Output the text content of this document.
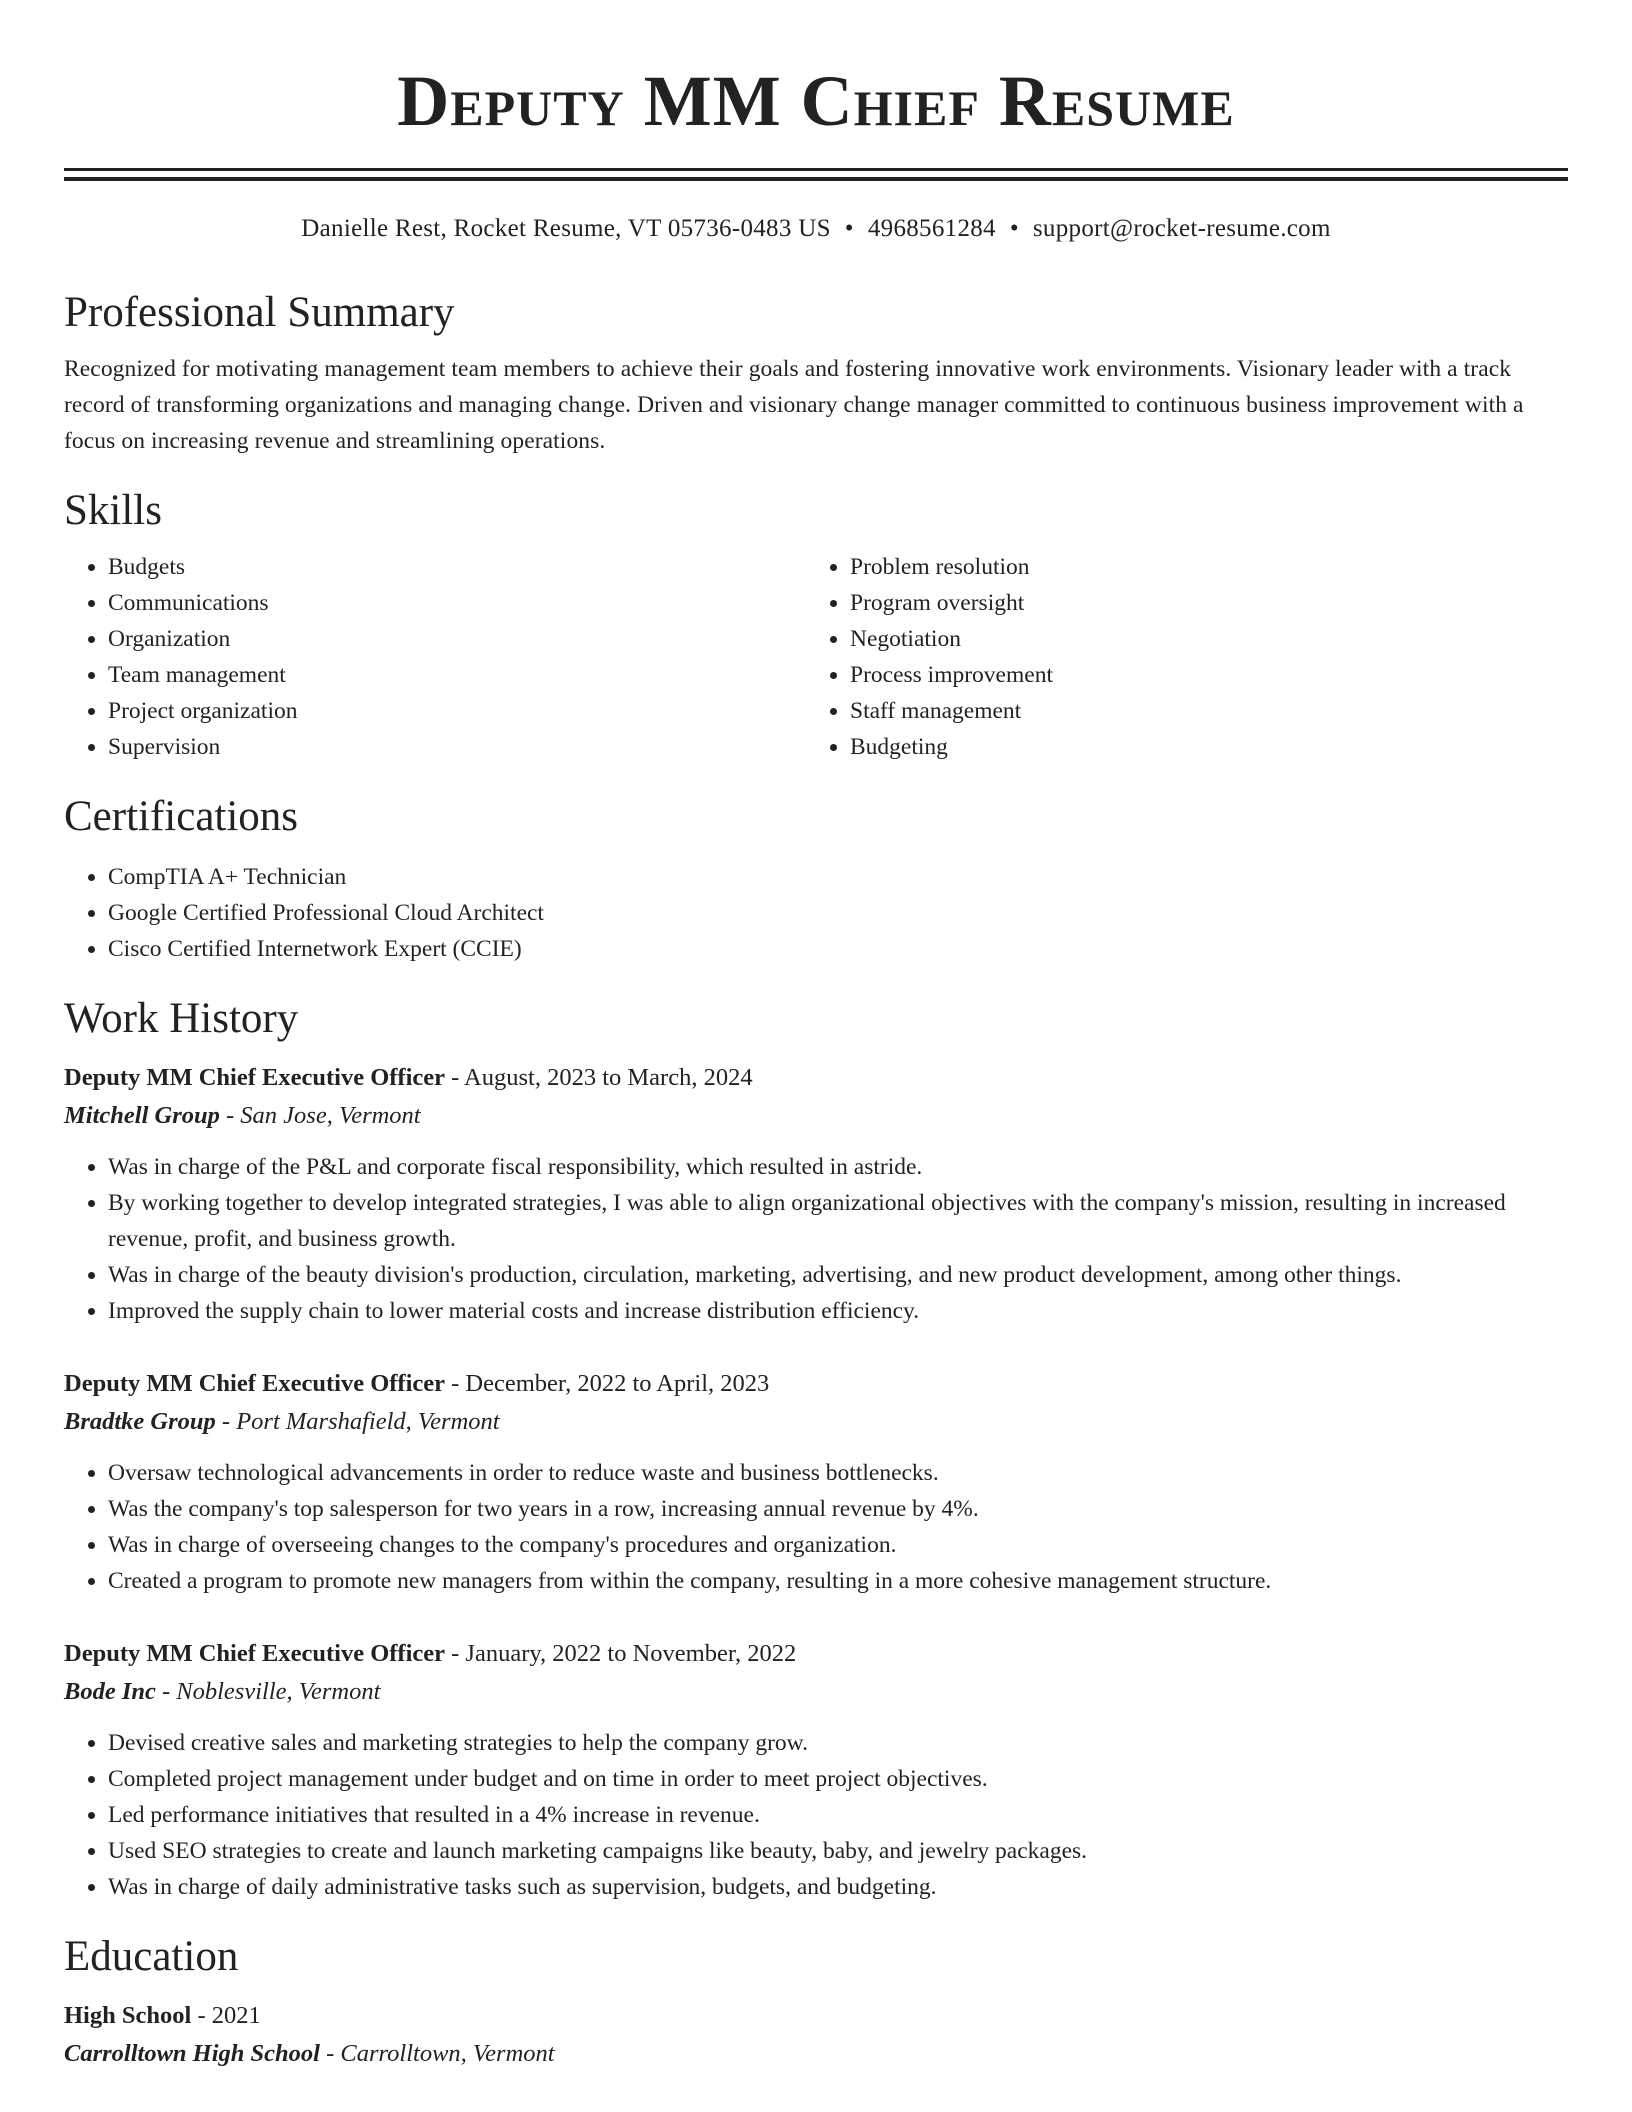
Deputy MM Chief Resume
Danielle Rest, Rocket Resume, VT 05736-0483 US • 4968561284 • support@rocket-resume.com
Professional Summary

Recognized for motivating management team members to achieve their goals and fostering innovative work environments. Visionary leader with a track record of transforming organizations and managing change. Driven and visionary change manager committed to continuous business improvement with a focus on increasing revenue and streamlining operations.

Skills
• Budgets
• Communications
• Organization
• Team management
• Project organization
• Supervision
• Problem resolution
• Program oversight
• Negotiation
• Process improvement
• Staff management
• Budgeting
Certifications
• CompTIA A+ Technician
• Google Certified Professional Cloud Architect
• Cisco Certified Internetwork Expert (CCIE)
Work History
Deputy MM Chief Executive Officer - August, 2023 to March, 2024
Mitchell Group - San Jose, Vermont
• Was in charge of the P&L and corporate fiscal responsibility, which resulted in astride.
• By working together to develop integrated strategies, I was able to align organizational objectives with the company's mission, resulting in increased revenue, profit, and business growth.
• Was in charge of the beauty division's production, circulation, marketing, advertising, and new product development, among other things.
• Improved the supply chain to lower material costs and increase distribution efficiency.
Deputy MM Chief Executive Officer - December, 2022 to April, 2023
Bradtke Group - Port Marshafield, Vermont
• Oversaw technological advancements in order to reduce waste and business bottlenecks.
• Was the company's top salesperson for two years in a row, increasing annual revenue by 4%.
• Was in charge of overseeing changes to the company's procedures and organization.
• Created a program to promote new managers from within the company, resulting in a more cohesive management structure.
Deputy MM Chief Executive Officer - January, 2022 to November, 2022
Bode Inc - Noblesville, Vermont
• Devised creative sales and marketing strategies to help the company grow.
• Completed project management under budget and on time in order to meet project objectives.
• Led performance initiatives that resulted in a 4% increase in revenue.
• Used SEO strategies to create and launch marketing campaigns like beauty, baby, and jewelry packages.
• Was in charge of daily administrative tasks such as supervision, budgets, and budgeting.
Education
High School - 2021
Carrolltown High School - Carrolltown, Vermont
